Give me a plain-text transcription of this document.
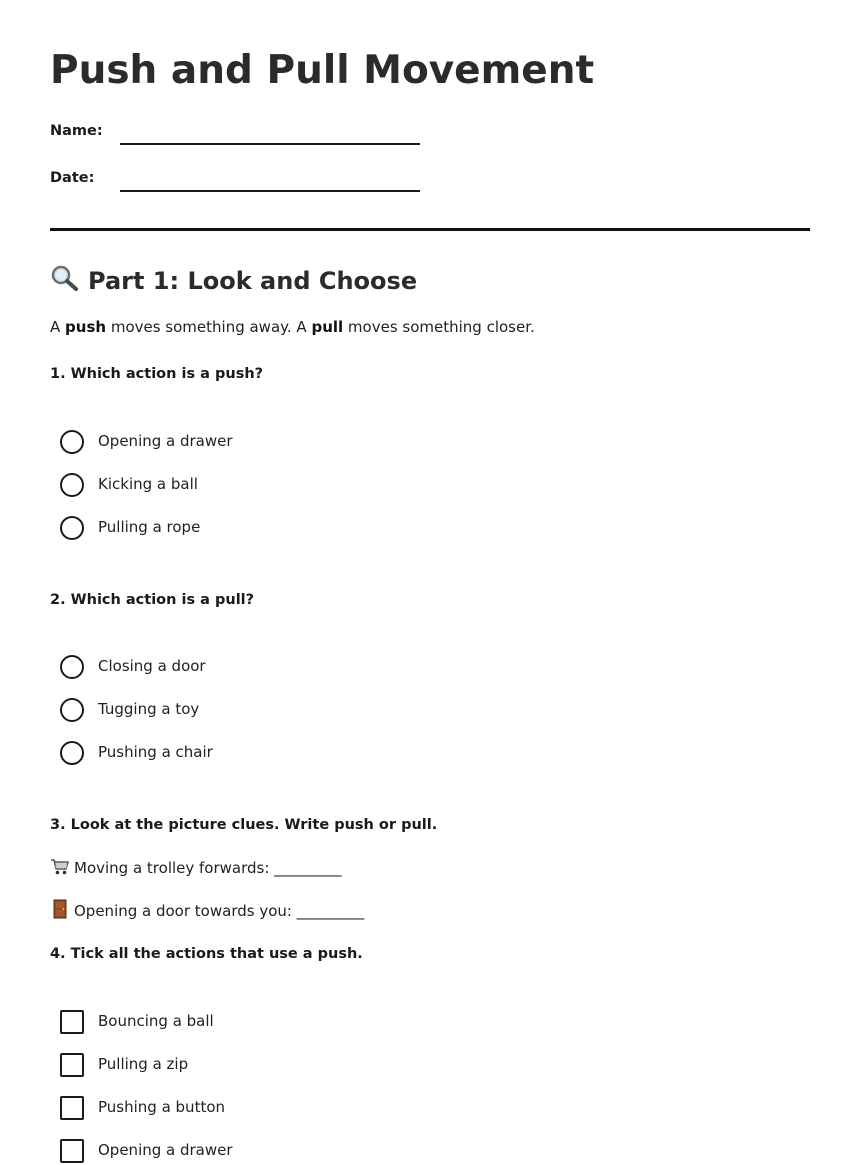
Push and Pull Movement
Name:
Date:
Part 1: Look and Choose
A push moves something away. A pull moves something closer.
1. Which action is a push?
Opening a drawer
Kicking a ball
Pulling a rope
2. Which action is a pull?
Closing a door
Tugging a toy
Pushing a chair
3. Look at the picture clues. Write push or pull.
Moving a trolley forwards: _________
Opening a door towards you: _________
4. Tick all the actions that use a push.
Bouncing a ball
Pulling a zip
Pushing a button
Opening a drawer
